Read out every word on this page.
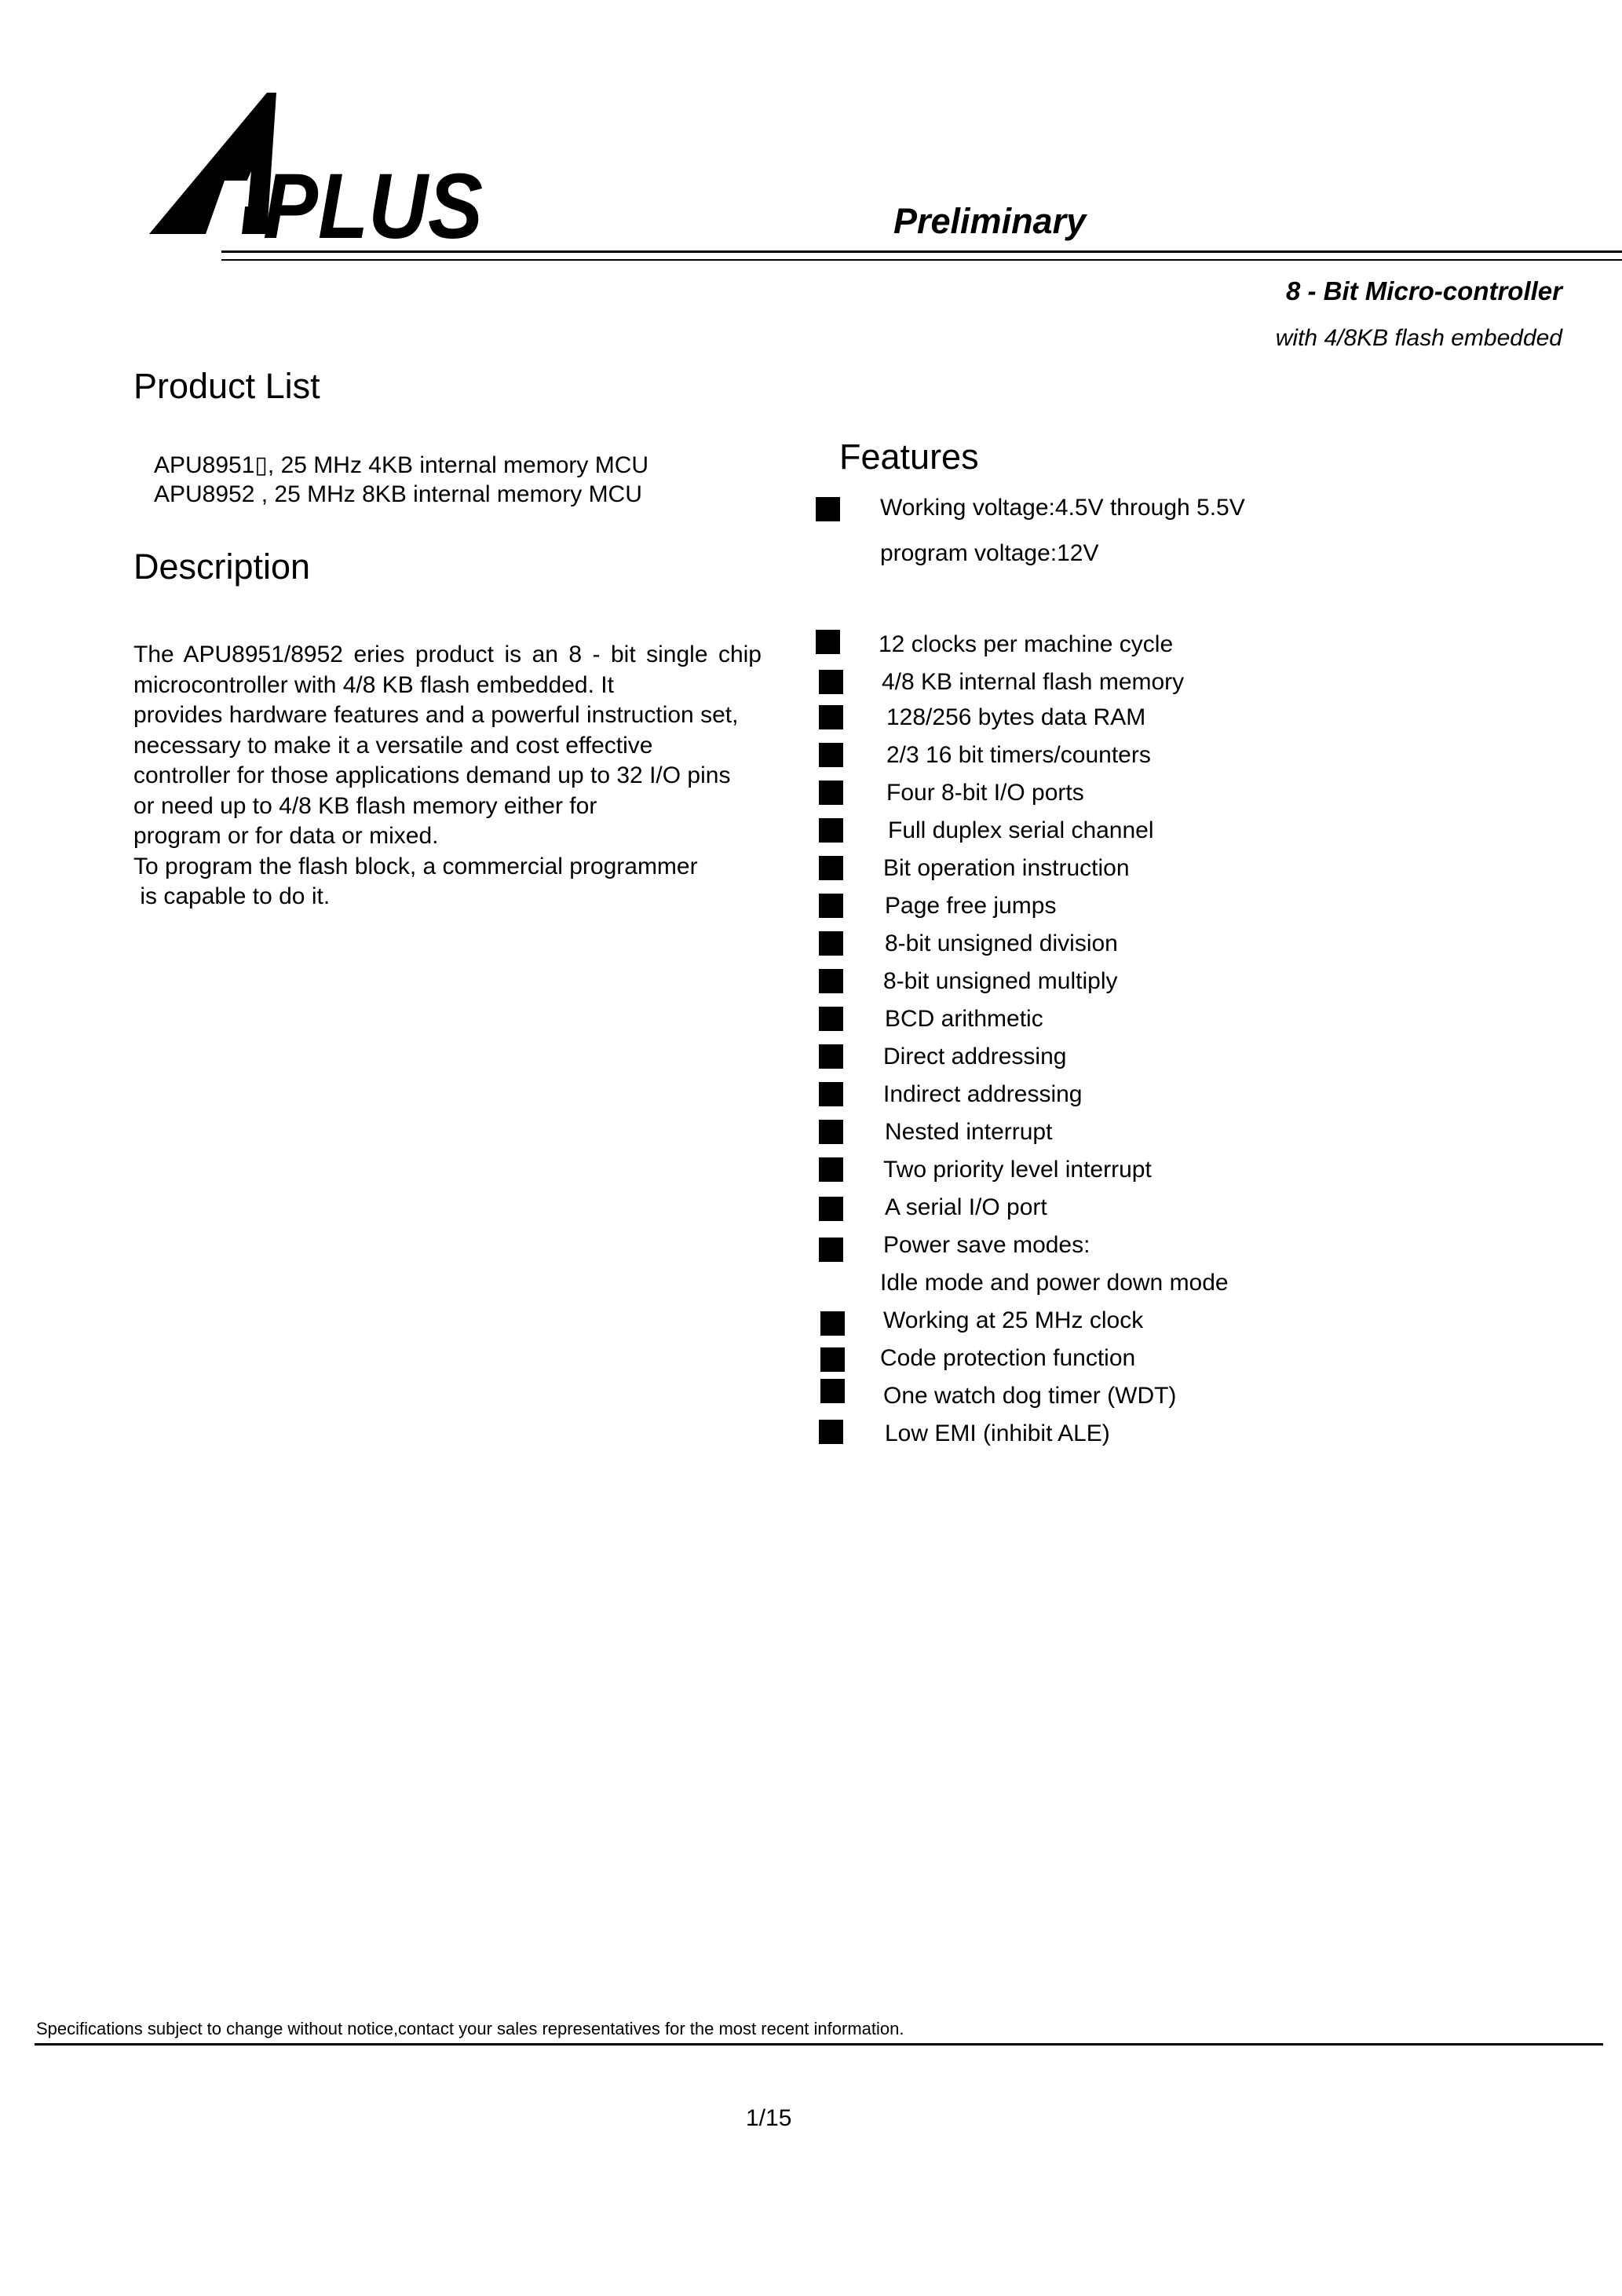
PLUS	Preliminary
8 - Bit Micro-controller
with 4/8KB flash embedded
Product List
APU8951▯, 25 MHz 4KB internal memory MCU
APU8952 , 25 MHz 8KB internal memory MCU
Description
The APU8951/8952 eries product is an 8 - bit single chip
microcontroller with 4/8 KB flash embedded. It
provides hardware features and a powerful instruction set,
necessary to make it a versatile and cost effective
controller for those applications demand up to 32 I/O pins
or need up to 4/8 KB flash memory either for
program or for data or mixed.
To program the flash block, a commercial programmer
is capable to do it.
Features
Working voltage:4.5V through 5.5V
program voltage:12V
12 clocks per machine cycle
4/8 KB internal flash memory
128/256 bytes data RAM
2/3 16 bit timers/counters
Four 8-bit I/O ports
Full duplex serial channel
Bit operation instruction
Page free jumps
8-bit unsigned division
8-bit unsigned multiply
BCD arithmetic
Direct addressing
Indirect addressing
Nested interrupt
Two priority level interrupt
A serial I/O port
Power save modes:
Idle mode and power down mode
Working at 25 MHz clock
Code protection function
One watch dog timer (WDT)
Low EMI (inhibit ALE)
Specifications subject to change without notice,contact your sales representatives for the most recent information.
1/15
